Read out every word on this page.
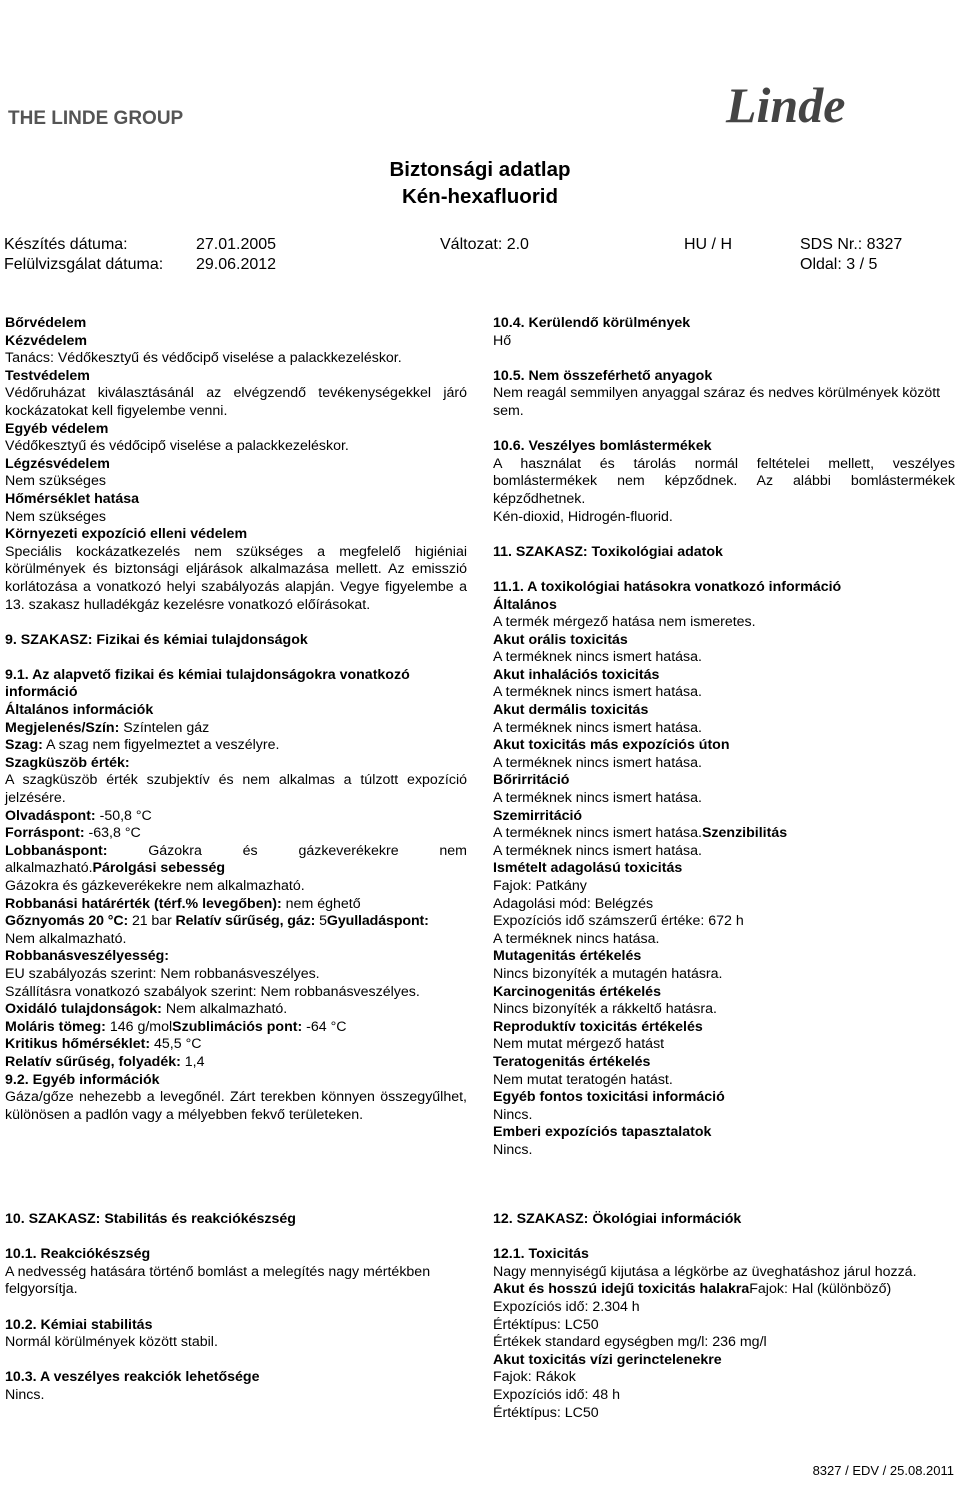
THE LINDE GROUP	Linde
Biztonsági adatlap
Kén-hexafluorid
Készítés dátuma:	27.01.2005	Változat: 2.0	HU / H	SDS Nr.: 8327
Felülvizsgálat dátuma: 29.06.2012	Oldal: 3 / 5

Bőrvédelem

Kézvédelem

Tanács: Védőkesztyű és védőcipő viselése a palackkezeléskor.

Testvédelem

Védőruházat kiválasztásánál az elvégzendő tevékenységekkel járó kockázatokat kell figyelembe venni.

Egyéb védelem

Védőkesztyű és védőcipő viselése a palackkezeléskor.

Légzésvédelem

Nem szükséges

Hőmérséklet hatása

Nem szükséges

Környezeti expozíció elleni védelem

Speciális kockázatkezelés nem szükséges a megfelelő higiéniai körülmények és biztonsági eljárások alkalmazása mellett. Az emisszió korlátozása a vonatkozó helyi szabályozás alapján. Vegye figyelembe a 13. szakasz hulladékgáz kezelésre vonatkozó előírásokat.

9. SZAKASZ: Fizikai és kémiai tulajdonságok

9.1. Az alapvető fizikai és kémiai tulajdonságokra vonatkozó információ

Általános információk

Megjelenés/Szín: Színtelen gáz

Szag: A szag nem figyelmeztet a veszélyre.

Szagküszöb érték:

A szagküszöb érték szubjektív és nem alkalmas a túlzott expozíció jelzésére.

Olvadáspont: -50,8 °C

Forráspont: -63,8 °C

Lobbanáspont: Gázokra és gázkeverékekre nem alkalmazható.Párolgási sebesség

Gázokra és gázkeverékekre nem alkalmazható.

Robbanási határérték (térf.% levegőben): nem éghető

Gőznyomás 20 °C: 21 bar Relatív sűrűség, gáz: 5Gyulladáspont:

Nem alkalmazható.

Robbanásveszélyesség:

EU szabályozás szerint: Nem robbanásveszélyes.

Szállításra vonatkozó szabályok szerint: Nem robbanásveszélyes.

Oxidáló tulajdonságok: Nem alkalmazható.

Moláris tömeg: 146 g/molSzublimációs pont: -64 °C

Kritikus hőmérséklet: 45,5 °C

Relatív sűrűség, folyadék: 1,4

9.2. Egyéb információk

Gáza/gőze nehezebb a levegőnél. Zárt terekben könnyen összegyűlhet, különösen a padlón vagy a mélyebben fekvő területeken.

10.4. Kerülendő körülmények

Hő

10.5. Nem összeférhető anyagok

Nem reagál semmilyen anyaggal száraz és nedves körülmények között sem.

10.6. Veszélyes bomlástermékek

A használat és tárolás normál feltételei mellett, veszélyes bomlástermékek nem képződnek. Az alábbi bomlástermékek képződhetnek.

Kén-dioxid, Hidrogén-fluorid.

11. SZAKASZ: Toxikológiai adatok

11.1. A toxikológiai hatásokra vonatkozó információ

Általános

A termék mérgező hatása nem ismeretes.

Akut orális toxicitás

A terméknek nincs ismert hatása.

Akut inhalációs toxicitás

A terméknek nincs ismert hatása.

Akut dermális toxicitás

A terméknek nincs ismert hatása.

Akut toxicitás más expozíciós úton

A terméknek nincs ismert hatása.

Bőrirritáció

A terméknek nincs ismert hatása.

Szemirritáció

A terméknek nincs ismert hatása.Szenzibilitás

A terméknek nincs ismert hatása.

Ismételt adagolású toxicitás

Fajok: Patkány

Adagolási mód: Belégzés

Expozíciós idő számszerű értéke: 672 h

A terméknek nincs hatása.

Mutagenitás értékelés

Nincs bizonyíték a mutagén hatásra.

Karcinogenitás értékelés

Nincs bizonyíték a rákkeltő hatásra.

Reproduktív toxicitás értékelés

Nem mutat mérgező hatást

Teratogenitás értékelés

Nem mutat teratogén hatást.

Egyéb fontos toxicitási információ

Nincs.

Emberi expozíciós tapasztalatok

Nincs.

10. SZAKASZ: Stabilitás és reakciókészség

10.1. Reakciókészség

A nedvesség hatására történő bomlást a melegítés nagy mértékben felgyorsítja.

10.2. Kémiai stabilitás

Normál körülmények között stabil.

10.3. A veszélyes reakciók lehetősége

Nincs.

12. SZAKASZ: Ökológiai információk

12.1. Toxicitás

Nagy mennyiségű kijutása a légkörbe az üveghatáshoz járul hozzá.

Akut és hosszú idejű toxicitás halakraFajok: Hal (különböző)

Expozíciós idő: 2.304 h

Értéktípus: LC50

Értékek standard egységben mg/l: 236 mg/l

Akut toxicitás vízi gerinctelenekre

Fajok: Rákok

Expozíciós idő: 48 h

Értéktípus: LC50

8327 / EDV / 25.08.2011
